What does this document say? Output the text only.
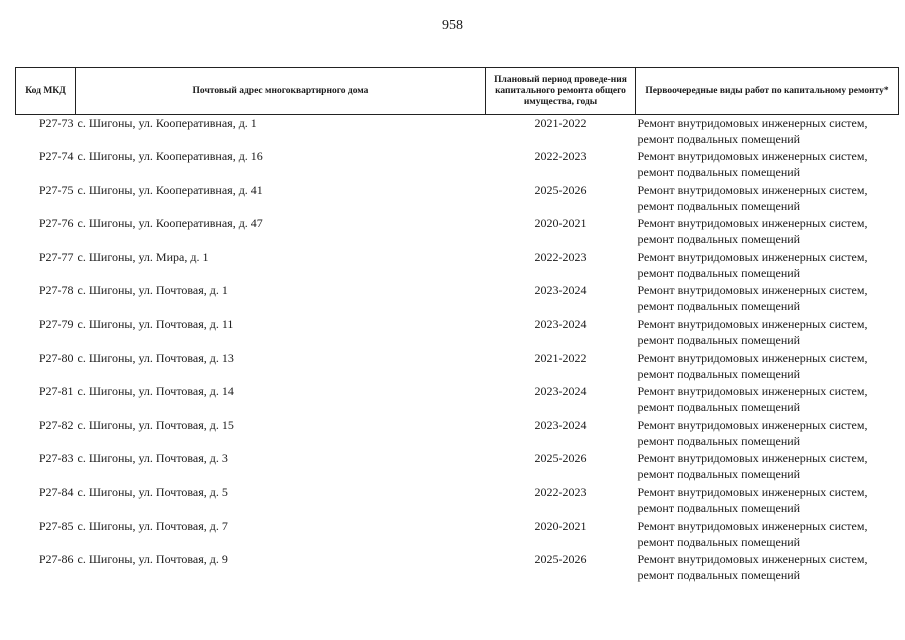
958
Код МКД	Почтовый адрес многоквартирного дома	Плановый период проведе-ния капитального ремонта общего имущества, годы	Первоочередные виды работ по капитальному ремонту*
Р27-73	с. Шигоны, ул. Кооперативная, д. 1	2021-2022	Ремонт внутридомовых инженерных систем,
ремонт подвальных помещений

Р27-74	с. Шигоны, ул. Кооперативная, д. 16	2022-2023	Ремонт внутридомовых инженерных систем,
ремонт подвальных помещений

Р27-75	с. Шигоны, ул. Кооперативная, д. 41	2025-2026	Ремонт внутридомовых инженерных систем,
ремонт подвальных помещений

Р27-76	с. Шигоны, ул. Кооперативная, д. 47	2020-2021	Ремонт внутридомовых инженерных систем,
ремонт подвальных помещений

Р27-77	с. Шигоны, ул. Мира, д. 1	2022-2023	Ремонт внутридомовых инженерных систем,
ремонт подвальных помещений

Р27-78	с. Шигоны, ул. Почтовая, д. 1	2023-2024	Ремонт внутридомовых инженерных систем,
ремонт подвальных помещений

Р27-79	с. Шигоны, ул. Почтовая, д. 11	2023-2024	Ремонт внутридомовых инженерных систем,
ремонт подвальных помещений

Р27-80	с. Шигоны, ул. Почтовая, д. 13	2021-2022	Ремонт внутридомовых инженерных систем,
ремонт подвальных помещений

Р27-81	с. Шигоны, ул. Почтовая, д. 14	2023-2024	Ремонт внутридомовых инженерных систем,
ремонт подвальных помещений

Р27-82	с. Шигоны, ул. Почтовая, д. 15	2023-2024	Ремонт внутридомовых инженерных систем,
ремонт подвальных помещений

Р27-83	с. Шигоны, ул. Почтовая, д. 3	2025-2026	Ремонт внутридомовых инженерных систем,
ремонт подвальных помещений

Р27-84	с. Шигоны, ул. Почтовая, д. 5	2022-2023	Ремонт внутридомовых инженерных систем,
ремонт подвальных помещений

Р27-85	с. Шигоны, ул. Почтовая, д. 7	2020-2021	Ремонт внутридомовых инженерных систем,
ремонт подвальных помещений

Р27-86	с. Шигоны, ул. Почтовая, д. 9	2025-2026	Ремонт внутридомовых инженерных систем,
ремонт подвальных помещений
